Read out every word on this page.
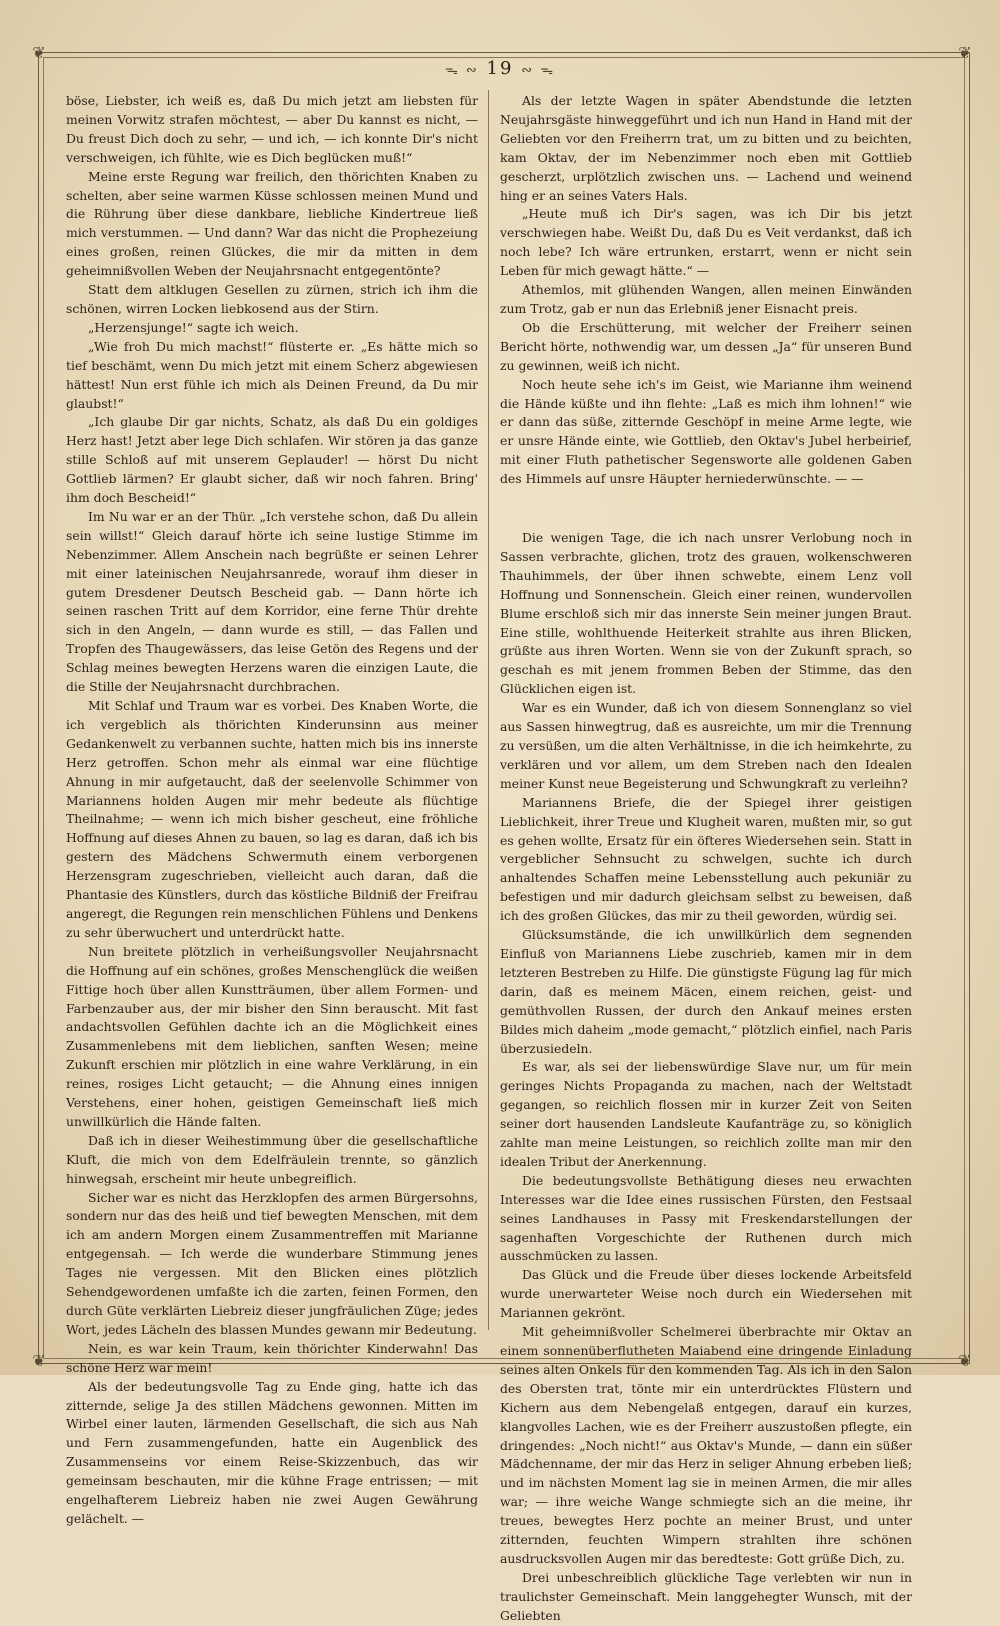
❦	❦
❦	❦
ᯓ ∾ 19 ∾ ᯓ

böse, Liebster, ich weiß es, daß Du mich jetzt am liebsten für meinen Vorwitz strafen möchtest, — aber Du kannst es nicht, — Du freust Dich doch zu sehr, — und ich, — ich konnte Dir's nicht verschweigen, ich fühlte, wie es Dich beglücken muß!“

Meine erste Regung war freilich, den thörichten Knaben zu schelten, aber seine warmen Küsse schlossen meinen Mund und die Rührung über diese dankbare, liebliche Kindertreue ließ mich verstummen. — Und dann? War das nicht die Prophezeiung eines großen, reinen Glückes, die mir da mitten in dem geheimnißvollen Weben der Neujahrsnacht entgegentönte?

Statt dem altklugen Gesellen zu zürnen, strich ich ihm die schönen, wirren Locken liebkosend aus der Stirn.

„Herzensjunge!“ sagte ich weich.

„Wie froh Du mich machst!“ flüsterte er. „Es hätte mich so tief beschämt, wenn Du mich jetzt mit einem Scherz abgewiesen hättest! Nun erst fühle ich mich als Deinen Freund, da Du mir glaubst!“

„Ich glaube Dir gar nichts, Schatz, als daß Du ein goldiges Herz hast! Jetzt aber lege Dich schlafen. Wir stören ja das ganze stille Schloß auf mit unserem Geplauder! — hörst Du nicht Gottlieb lärmen? Er glaubt sicher, daß wir noch fahren. Bring' ihm doch Bescheid!“

Im Nu war er an der Thür. „Ich verstehe schon, daß Du allein sein willst!“ Gleich darauf hörte ich seine lustige Stimme im Nebenzimmer. Allem Anschein nach begrüßte er seinen Lehrer mit einer lateinischen Neujahrsanrede, worauf ihm dieser in gutem Dresdener Deutsch Bescheid gab. — Dann hörte ich seinen raschen Tritt auf dem Korridor, eine ferne Thür drehte sich in den Angeln, — dann wurde es still, — das Fallen und Tropfen des Thaugewässers, das leise Getön des Regens und der Schlag meines bewegten Herzens waren die einzigen Laute, die die Stille der Neujahrsnacht durchbrachen.

Mit Schlaf und Traum war es vorbei. Des Knaben Worte, die ich vergeblich als thörichten Kinderunsinn aus meiner Gedankenwelt zu verbannen suchte, hatten mich bis ins innerste Herz getroffen. Schon mehr als einmal war eine flüchtige Ahnung in mir aufgetaucht, daß der seelenvolle Schimmer von Mariannens holden Augen mir mehr bedeute als flüchtige Theilnahme; — wenn ich mich bisher gescheut, eine fröhliche Hoffnung auf dieses Ahnen zu bauen, so lag es daran, daß ich bis gestern des Mädchens Schwermuth einem verborgenen Herzensgram zugeschrieben, vielleicht auch daran, daß die Phantasie des Künstlers, durch das köstliche Bildniß der Freifrau angeregt, die Regungen rein menschlichen Fühlens und Denkens zu sehr überwuchert und unterdrückt hatte.

Nun breitete plötzlich in verheißungsvoller Neujahrsnacht die Hoffnung auf ein schönes, großes Menschenglück die weißen Fittige hoch über allen Kunstträumen, über allem Formen- und Farbenzauber aus, der mir bisher den Sinn berauscht. Mit fast andachtsvollen Gefühlen dachte ich an die Möglichkeit eines Zusammenlebens mit dem lieblichen, sanften Wesen; meine Zukunft erschien mir plötzlich in eine wahre Verklärung, in ein reines, rosiges Licht getaucht; — die Ahnung eines innigen Verstehens, einer hohen, geistigen Gemeinschaft ließ mich unwillkürlich die Hände falten.

Daß ich in dieser Weihestimmung über die gesellschaftliche Kluft, die mich von dem Edelfräulein trennte, so gänzlich hinwegsah, erscheint mir heute unbegreiflich.

Sicher war es nicht das Herzklopfen des armen Bürgersohns, sondern nur das des heiß und tief bewegten Menschen, mit dem ich am andern Morgen einem Zusammentreffen mit Marianne entgegensah. — Ich werde die wunderbare Stimmung jenes Tages nie vergessen. Mit den Blicken eines plötzlich Sehendgewordenen umfaßte ich die zarten, feinen Formen, den durch Güte verklärten Liebreiz dieser jungfräulichen Züge; jedes Wort, jedes Lächeln des blassen Mundes gewann mir Bedeutung.

Nein, es war kein Traum, kein thörichter Kinderwahn! Das schöne Herz war mein!

Als der bedeutungsvolle Tag zu Ende ging, hatte ich das zitternde, selige Ja des stillen Mädchens gewonnen. Mitten im Wirbel einer lauten, lärmenden Gesellschaft, die sich aus Nah und Fern zusammengefunden, hatte ein Augenblick des Zusammenseins vor einem Reise-Skizzenbuch, das wir gemeinsam beschauten, mir die kühne Frage entrissen; — mit engelhafterem Liebreiz haben nie zwei Augen Gewährung gelächelt. —

Als der letzte Wagen in später Abendstunde die letzten Neujahrsgäste hinweggeführt und ich nun Hand in Hand mit der Geliebten vor den Freiherrn trat, um zu bitten und zu beichten, kam Oktav, der im Nebenzimmer noch eben mit Gottlieb gescherzt, urplötzlich zwischen uns. — Lachend und weinend hing er an seines Vaters Hals.

„Heute muß ich Dir's sagen, was ich Dir bis jetzt verschwiegen habe. Weißt Du, daß Du es Veit verdankst, daß ich noch lebe? Ich wäre ertrunken, erstarrt, wenn er nicht sein Leben für mich gewagt hätte.“ —

Athemlos, mit glühenden Wangen, allen meinen Einwänden zum Trotz, gab er nun das Erlebniß jener Eisnacht preis.

Ob die Erschütterung, mit welcher der Freiherr seinen Bericht hörte, nothwendig war, um dessen „Ja“ für unseren Bund zu gewinnen, weiß ich nicht.

Noch heute sehe ich's im Geist, wie Marianne ihm weinend die Hände küßte und ihn flehte: „Laß es mich ihm lohnen!“ wie er dann das süße, zitternde Geschöpf in meine Arme legte, wie er unsre Hände einte, wie Gottlieb, den Oktav's Jubel herbeirief, mit einer Fluth pathetischer Segensworte alle goldenen Gaben des Himmels auf unsre Häupter herniederwünschte. — —

Die wenigen Tage, die ich nach unsrer Verlobung noch in Sassen verbrachte, glichen, trotz des grauen, wolkenschweren Thauhimmels, der über ihnen schwebte, einem Lenz voll Hoffnung und Sonnenschein. Gleich einer reinen, wundervollen Blume erschloß sich mir das innerste Sein meiner jungen Braut. Eine stille, wohlthuende Heiterkeit strahlte aus ihren Blicken, grüßte aus ihren Worten. Wenn sie von der Zukunft sprach, so geschah es mit jenem frommen Beben der Stimme, das den Glücklichen eigen ist.

War es ein Wunder, daß ich von diesem Sonnenglanz so viel aus Sassen hinwegtrug, daß es ausreichte, um mir die Trennung zu versüßen, um die alten Verhältnisse, in die ich heimkehrte, zu verklären und vor allem, um dem Streben nach den Idealen meiner Kunst neue Begeisterung und Schwungkraft zu verleihn?

Mariannens Briefe, die der Spiegel ihrer geistigen Lieblichkeit, ihrer Treue und Klugheit waren, mußten mir, so gut es gehen wollte, Ersatz für ein öfteres Wiedersehen sein. Statt in vergeblicher Sehnsucht zu schwelgen, suchte ich durch anhaltendes Schaffen meine Lebensstellung auch pekuniär zu befestigen und mir dadurch gleichsam selbst zu beweisen, daß ich des großen Glückes, das mir zu theil geworden, würdig sei.

Glücksumstände, die ich unwillkürlich dem segnenden Einfluß von Mariannens Liebe zuschrieb, kamen mir in dem letzteren Bestreben zu Hilfe. Die günstigste Fügung lag für mich darin, daß es meinem Mäcen, einem reichen, geist- und gemüthvollen Russen, der durch den Ankauf meines ersten Bildes mich daheim „mode gemacht,“ plötzlich einfiel, nach Paris überzusiedeln.

Es war, als sei der liebenswürdige Slave nur, um für mein geringes Nichts Propaganda zu machen, nach der Weltstadt gegangen, so reichlich flossen mir in kurzer Zeit von Seiten seiner dort hausenden Landsleute Kaufanträge zu, so königlich zahlte man meine Leistungen, so reichlich zollte man mir den idealen Tribut der Anerkennung.

Die bedeutungsvollste Bethätigung dieses neu erwachten Interesses war die Idee eines russischen Fürsten, den Festsaal seines Landhauses in Passy mit Freskendarstellungen der sagenhaften Vorgeschichte der Ruthenen durch mich ausschmücken zu lassen.

Das Glück und die Freude über dieses lockende Arbeitsfeld wurde unerwarteter Weise noch durch ein Wiedersehen mit Mariannen gekrönt.

Mit geheimnißvoller Schelmerei überbrachte mir Oktav an einem sonnenüberflutheten Maiabend eine dringende Einladung seines alten Onkels für den kommenden Tag. Als ich in den Salon des Obersten trat, tönte mir ein unterdrücktes Flüstern und Kichern aus dem Nebengelaß entgegen, darauf ein kurzes, klangvolles Lachen, wie es der Freiherr auszustoßen pflegte, ein dringendes: „Noch nicht!“ aus Oktav's Munde, — dann ein süßer Mädchenname, der mir das Herz in seliger Ahnung erbeben ließ; und im nächsten Moment lag sie in meinen Armen, die mir alles war; — ihre weiche Wange schmiegte sich an die meine, ihr treues, bewegtes Herz pochte an meiner Brust, und unter zitternden, feuchten Wimpern strahlten ihre schönen ausdrucksvollen Augen mir das beredteste: Gott grüße Dich, zu.

Drei unbeschreiblich glückliche Tage verlebten wir nun in traulichster Gemeinschaft. Mein langgehegter Wunsch, mit der Geliebten
